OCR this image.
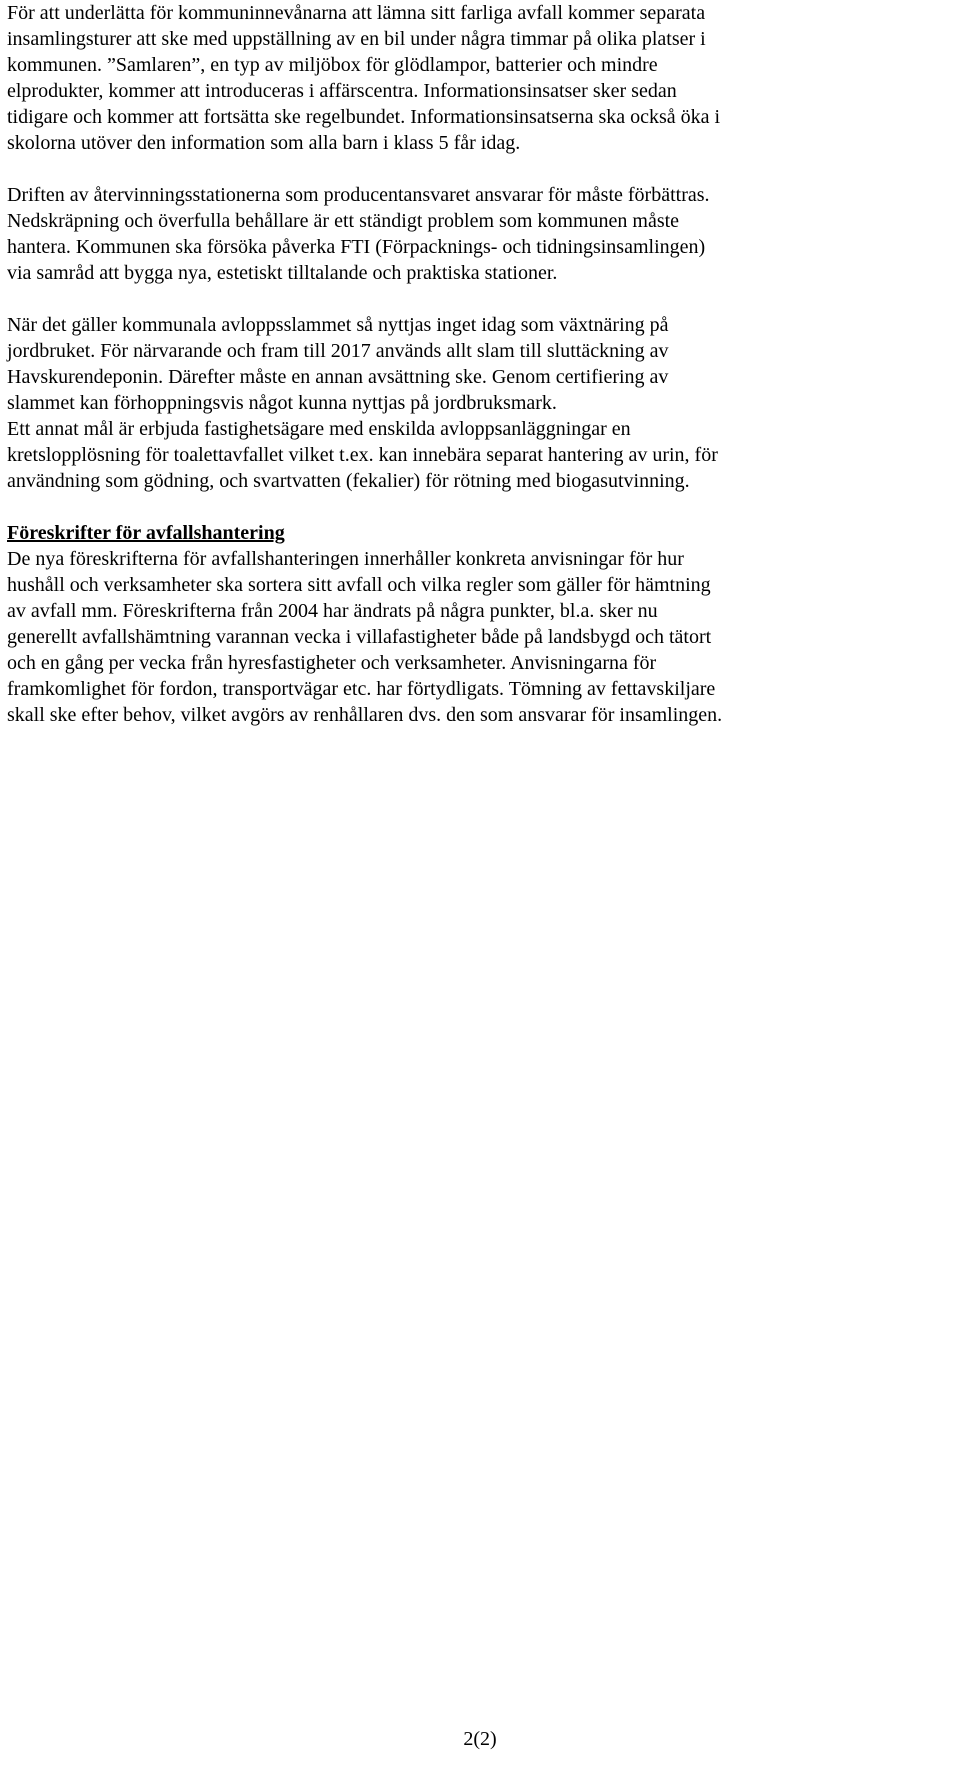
För att underlätta för kommuninnevånarna att lämna sitt farliga avfall kommer separata
insamlingsturer att ske med uppställning av en bil under några timmar på olika platser i
kommunen. ”Samlaren”, en typ av miljöbox för glödlampor, batterier och mindre
elprodukter, kommer att introduceras i affärscentra. Informationsinsatser sker sedan
tidigare och kommer att fortsätta ske regelbundet. Informationsinsatserna ska också öka i
skolorna utöver den information som alla barn i klass 5 får idag.

Driften av återvinningsstationerna som producentansvaret ansvarar för måste förbättras.
Nedskräpning och överfulla behållare är ett ständigt problem som kommunen måste
hantera. Kommunen ska försöka påverka FTI (Förpacknings- och tidningsinsamlingen)
via samråd att bygga nya, estetiskt tilltalande och praktiska stationer.

När det gäller kommunala avloppsslammet så nyttjas inget idag som växtnäring på
jordbruket. För närvarande och fram till 2017 används allt slam till sluttäckning av
Havskurendeponin. Därefter måste en annan avsättning ske. Genom certifiering av
slammet kan förhoppningsvis något kunna nyttjas på jordbruksmark.
Ett annat mål är erbjuda fastighetsägare med enskilda avloppsanläggningar en
kretslopplösning för toalettavfallet vilket t.ex. kan innebära separat hantering av urin, för
användning som gödning, och svartvatten (fekalier) för rötning med biogasutvinning.

Föreskrifter för avfallshantering
De nya föreskrifterna för avfallshanteringen innerhåller konkreta anvisningar för hur
hushåll och verksamheter ska sortera sitt avfall och vilka regler som gäller för hämtning
av avfall mm. Föreskrifterna från 2004 har ändrats på några punkter, bl.a. sker nu
generellt avfallshämtning varannan vecka i villafastigheter både på landsbygd och tätort
och en gång per vecka från hyresfastigheter och verksamheter. Anvisningarna för
framkomlighet för fordon, transportvägar etc. har förtydligats. Tömning av fettavskiljare
skall ske efter behov, vilket avgörs av renhållaren dvs. den som ansvarar för insamlingen.

2(2)
